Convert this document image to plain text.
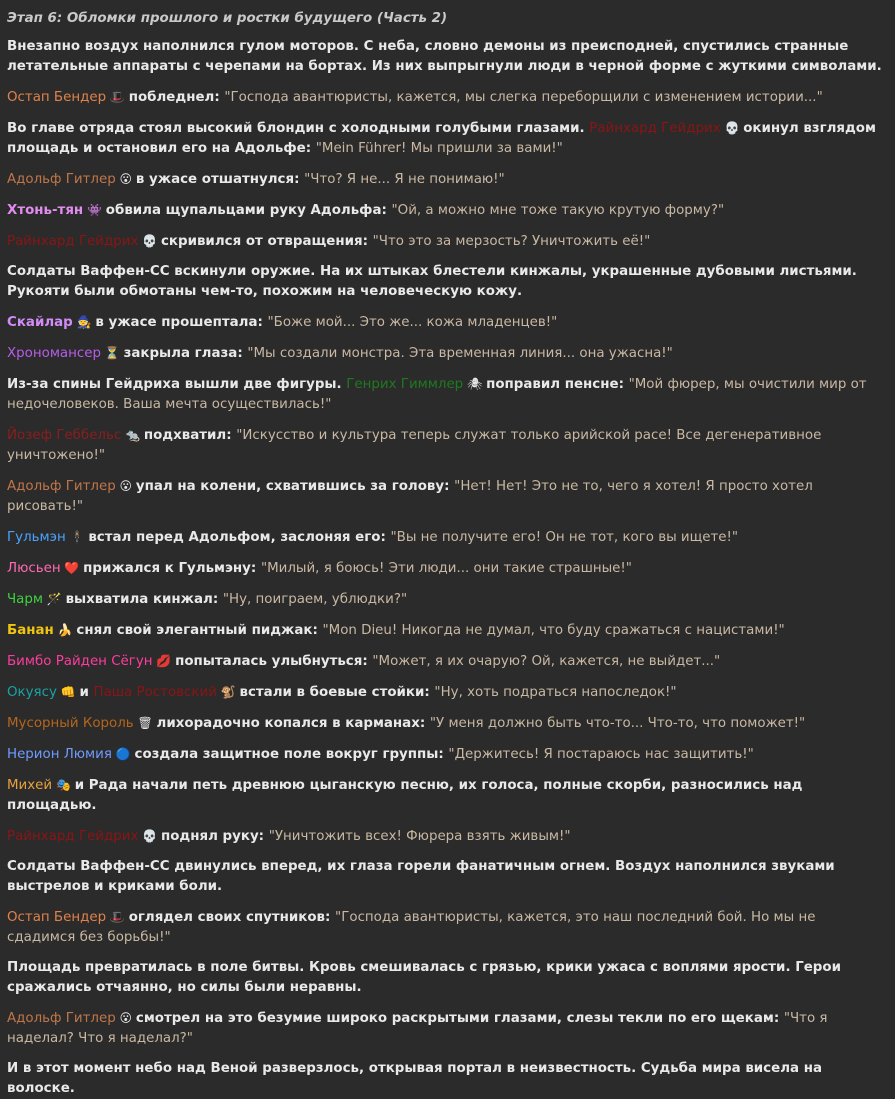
Этап 6: Обломки прошлого и ростки будущего (Часть 2)
Внезапно воздух наполнился гулом моторов. С неба, словно демоны из преисподней, спустились странные летательные аппараты с черепами на бортах. Из них выпрыгнули люди в черной форме с жуткими символами.
Остап Бендер 🎩 побледнел: "Господа авантюристы, кажется, мы слегка переборщили с изменением истории..."
Во главе отряда стоял высокий блондин с холодными голубыми глазами. Райнхард Гейдрих 💀 окинул взглядом площадь и остановил его на Адольфе: "Mein Führer! Мы пришли за вами!"
Адольф Гитлер 😮 в ужасе отшатнулся: "Что? Я не... Я не понимаю!"
Хтонь-тян 👾 обвила щупальцами руку Адольфа: "Ой, а можно мне тоже такую крутую форму?"
Райнхард Гейдрих 💀 скривился от отвращения: "Что это за мерзость? Уничтожить её!"
Солдаты Ваффен-СС вскинули оружие. На их штыках блестели кинжалы, украшенные дубовыми листьями. Рукояти были обмотаны чем-то, похожим на человеческую кожу.
Скайлар 🧙 в ужасе прошептала: "Боже мой... Это же... кожа младенцев!"
Хрономансер ⏳ закрыла глаза: "Мы создали монстра. Эта временная линия... она ужасна!"
Из-за спины Гейдриха вышли две фигуры. Генрих Гиммлер 🕷 поправил пенсне: "Мой фюрер, мы очистили мир от недочеловеков. Ваша мечта осуществилась!"
Йозеф Геббельс 🐀 подхватил: "Искусство и культура теперь служат только арийской расе! Все дегенеративное уничтожено!"
Адольф Гитлер 😮 упал на колени, схватившись за голову: "Нет! Нет! Это не то, чего я хотел! Я просто хотел рисовать!"
Гульмэн 🕴 встал перед Адольфом, заслоняя его: "Вы не получите его! Он не тот, кого вы ищете!"
Люсьен ❤️ прижался к Гульмэну: "Милый, я боюсь! Эти люди... они такие страшные!"
Чарм 🪄 выхватила кинжал: "Ну, поиграем, ублюдки?"
Банан 🍌 снял свой элегантный пиджак: "Mon Dieu! Никогда не думал, что буду сражаться с нацистами!"
Бимбо Райден Сёгун 💋 попыталась улыбнуться: "Может, я их очарую? Ой, кажется, не выйдет..."
Окуясу 👊 и Паша Ростовский 🐒 встали в боевые стойки: "Ну, хоть подраться напоследок!"
Мусорный Король 🗑 лихорадочно копался в карманах: "У меня должно быть что-то... Что-то, что поможет!"
Нерион Люмия 🔵 создала защитное поле вокруг группы: "Держитесь! Я постараюсь нас защитить!"
Михей 🎭 и Рада начали петь древнюю цыганскую песню, их голоса, полные скорби, разносились над площадью.
Райнхард Гейдрих 💀 поднял руку: "Уничтожить всех! Фюрера взять живым!"
Солдаты Ваффен-СС двинулись вперед, их глаза горели фанатичным огнем. Воздух наполнился звуками выстрелов и криками боли.
Остап Бендер 🎩 оглядел своих спутников: "Господа авантюристы, кажется, это наш последний бой. Но мы не сдадимся без борьбы!"
Площадь превратилась в поле битвы. Кровь смешивалась с грязью, крики ужаса с воплями ярости. Герои сражались отчаянно, но силы были неравны.
Адольф Гитлер 😮 смотрел на это безумие широко раскрытыми глазами, слезы текли по его щекам: "Что я наделал? Что я наделал?"
И в этот момент небо над Веной разверзлось, открывая портал в неизвестность. Судьба мира висела на волоске.
